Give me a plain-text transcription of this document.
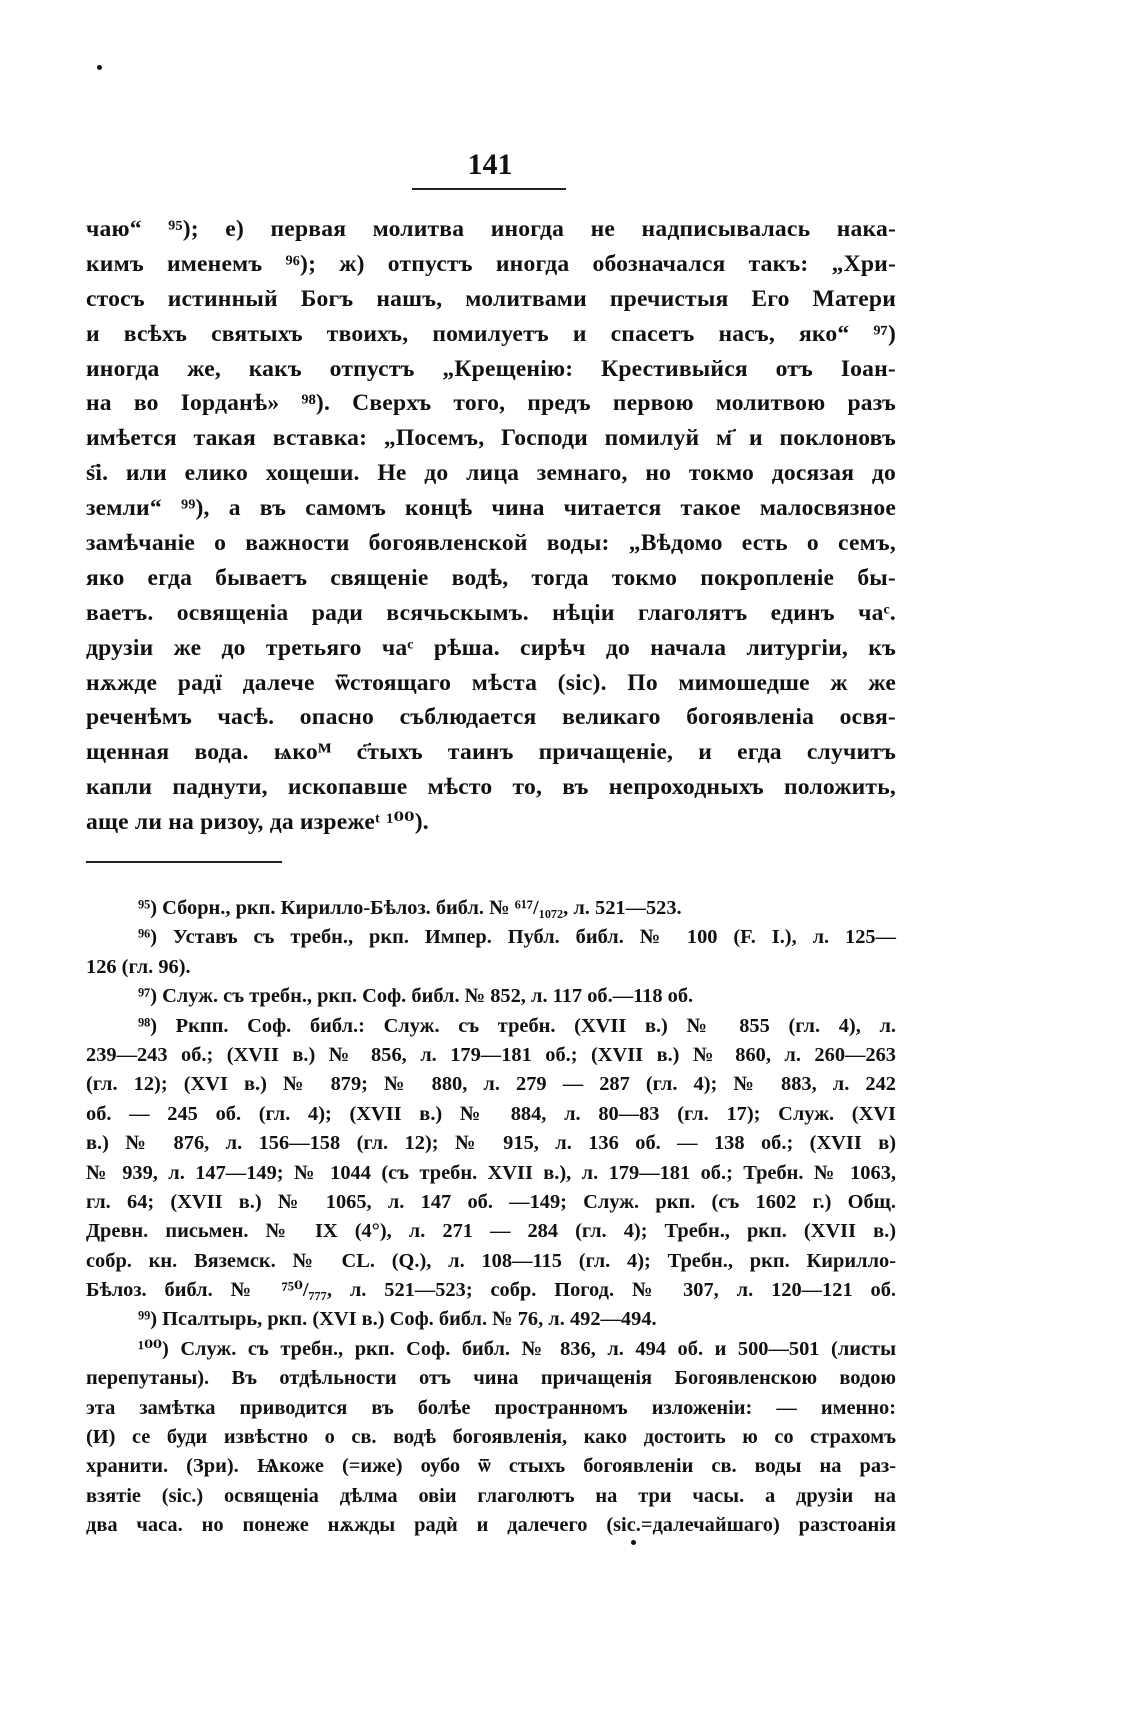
141
чаю“ ⁹⁵); е) первая молитва иногда не надписывалась нака-
кимъ именемъ ⁹⁶); ж) отпустъ иногда обозначался такъ: „Хри-
стосъ истинный Богъ нашъ, молитвами пречистыя Его Матери
и всѣхъ святыхъ твоихъ, помилуетъ и спасетъ насъ, яко“ ⁹⁷)
иногда же, какъ отпустъ „Крещенію: Крестивыйся отъ Іоан-
на во Іорданѣ» ⁹⁸). Сверхъ того, предъ первою молитвою разъ
имѣется такая вставка: „Посемъ, Господи помилуй м҃ и поклоновъ
ѕ҃і. или елико хощеши. Не до лица земнаго, но токмо досязая до
земли“ ⁹⁹), а въ самомъ концѣ чина читается такое малосвязное
замѣчаніе о важности богоявленской воды: „Вѣдомо есть о семъ,
яко егда бываетъ священіе водѣ, тогда токмо покропленіе бы-
ваетъ. освященіа ради всячьскымъ. нѣціи глаголятъ единъ чаᶜ.
друзіи же до третьяго чаᶜ рѣша. сирѣч до начала литургіи, къ
нѫжде радї далече ѿстоящаго мѣста (sic). По мимошедше ж же
реченѣмъ часѣ. опасно съблюдается великаго богоявленіа освя-
щенная вода. ѩкоᴹ с҃тыхъ таинъ причащеніе, и егда случитъ
капли паднути, ископавше мѣсто то, въ непроходныхъ положить,
аще ли на ризоу, да изрежеᵗ ¹⁰⁰).
⁹⁵) Сборн., ркп. Кирилло-Бѣлоз. библ. № ⁶¹⁷/₁₀₇₂, л. 521—523.
⁹⁶) Уставъ съ требн., ркп. Импер. Публ. библ. № 100 (F. I.), л. 125—
126 (гл. 96).
⁹⁷) Служ. съ требн., ркп. Соф. библ. № 852, л. 117 об.—118 об.
⁹⁸) Ркпп. Соф. библ.: Служ. съ требн. (XVII в.) № 855 (гл. 4), л.
239—243 об.; (XVII в.) № 856, л. 179—181 об.; (XVII в.) № 860, л. 260—263
(гл. 12); (XVI в.) № 879; № 880, л. 279 — 287 (гл. 4); № 883, л. 242
об. — 245 об. (гл. 4); (XVII в.) № 884, л. 80—83 (гл. 17); Служ. (XVI
в.) № 876, л. 156—158 (гл. 12); № 915, л. 136 об. — 138 об.; (XVII в)
№ 939, л. 147—149; № 1044 (съ требн. XVII в.), л. 179—181 об.; Требн. № 1063,
гл. 64; (XVII в.) № 1065, л. 147 об. —149; Служ. ркп. (съ 1602 г.) Общ.
Древн. письмен. № IX (4°), л. 271 — 284 (гл. 4); Требн., ркп. (XVII в.)
собр. кн. Вяземск. № CL. (Q.), л. 108—115 (гл. 4); Требн., ркп. Кирилло-
Бѣлоз. библ. № ⁷⁵⁰/₇₇₇, л. 521—523; собр. Погод. № 307, л. 120—121 об.
⁹⁹) Псалтырь, ркп. (XVI в.) Соф. библ. № 76, л. 492—494.
¹⁰⁰) Служ. съ требн., ркп. Соф. библ. № 836, л. 494 об. и 500—501 (листы
перепутаны). Въ отдѣльности отъ чина причащенія Богоявленскою водою
эта замѣтка приводится въ болѣе пространномъ изложеніи: — именно:
(И) се буди извѣстно о св. водѣ богоявленія, како достоить ю со страхомъ
хранити. (Зри). Ѩкоже (=иже) оубо ѿ стыхъ богоявленіи св. воды на раз-
взятіе (sic.) освященіа дѣлма овіи глаголютъ на три часы. а друзіи на
два часа. но понеже нѫжды радѝ и далечего (sic.=далечайшаго) разстоанія
